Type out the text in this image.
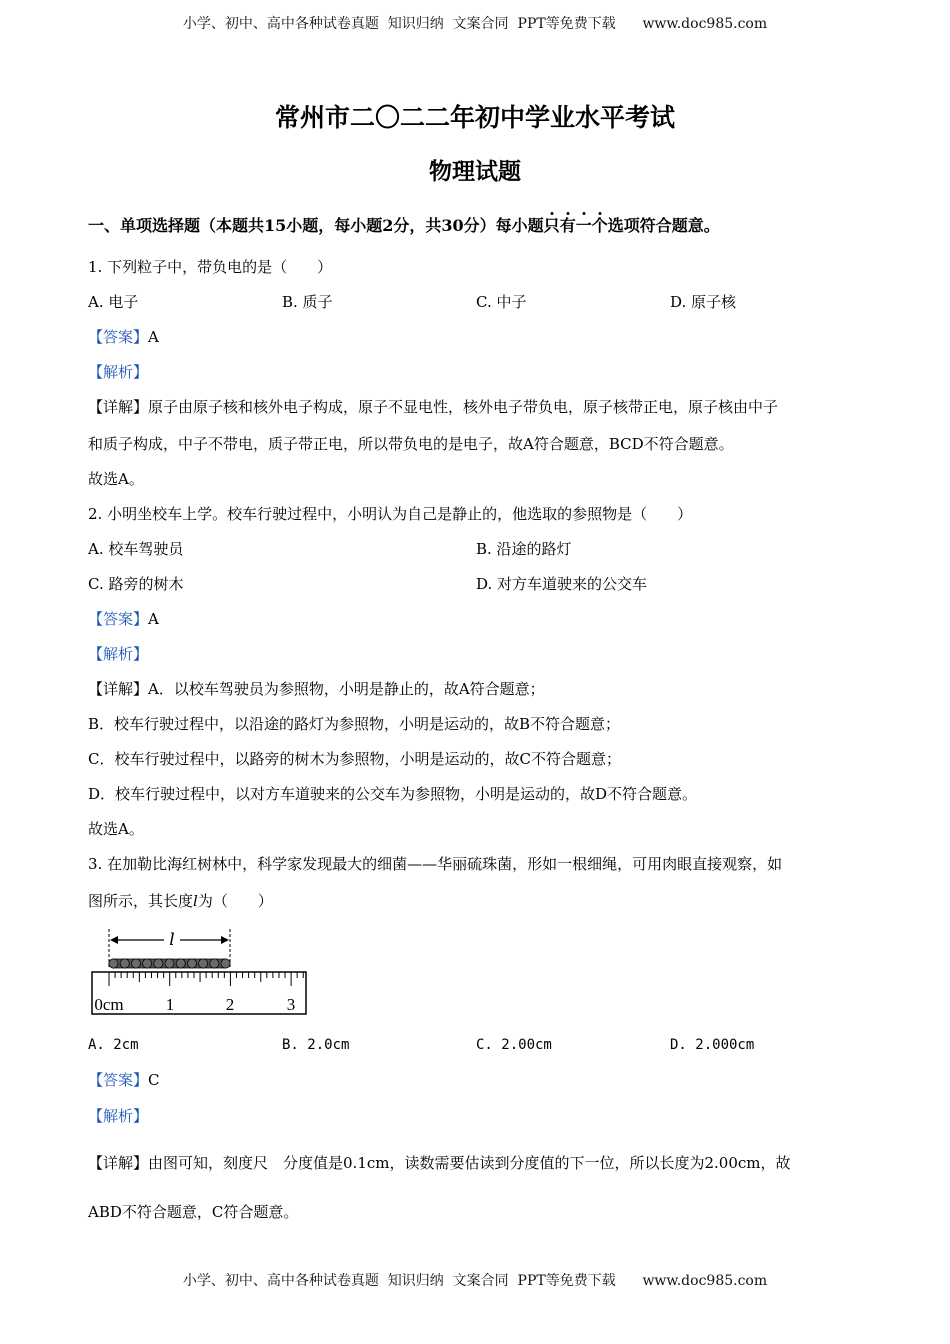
小学、初中、高中各种试卷真题  知识归纳  文案合同  PPT等免费下载      www.doc985.com
常州市二〇二二年初中学业水平考试
物理试题
一、单项选择题（本题共15小题，每小题2分，共30分）每小题只有一个选项符合题意。
1. 下列粒子中，带负电的是（　　）
A. 电子	B. 质子	C. 中子	D. 原子核
【答案】A
【解析】
【详解】原子由原子核和核外电子构成，原子不显电性，核外电子带负电，原子核带正电，原子核由中子
和质子构成，中子不带电，质子带正电，所以带负电的是电子，故A符合题意，BCD不符合题意。
故选A。
2. 小明坐校车上学。校车行驶过程中，小明认为自己是静止的，他选取的参照物是（　　）
A. 校车驾驶员	B. 沿途的路灯
C. 路旁的树木	D. 对方车道驶来的公交车
【答案】A
【解析】
【详解】A．以校车驾驶员为参照物，小明是静止的，故A符合题意；
B．校车行驶过程中，以沿途的路灯为参照物，小明是运动的，故B不符合题意；
C．校车行驶过程中，以路旁的树木为参照物，小明是运动的，故C不符合题意；
D．校车行驶过程中，以对方车道驶来的公交车为参照物，小明是运动的，故D不符合题意。
故选A。
3. 在加勒比海红树林中，科学家发现最大的细菌——华丽硫珠菌，形如一根细绳，可用肉眼直接观察，如
图所示，其长度l为（　　）
l
0cm 1	2	3
A. 2cm	B. 2.0cm	C. 2.00cm	D. 2.000cm
【答案】C
【解析】
【详解】由图可知，刻度尺　分度值是0.1cm，读数需要估读到分度值的下一位，所以长度为2.00cm，故
ABD不符合题意，C符合题意。
小学、初中、高中各种试卷真题  知识归纳  文案合同  PPT等免费下载      www.doc985.com
